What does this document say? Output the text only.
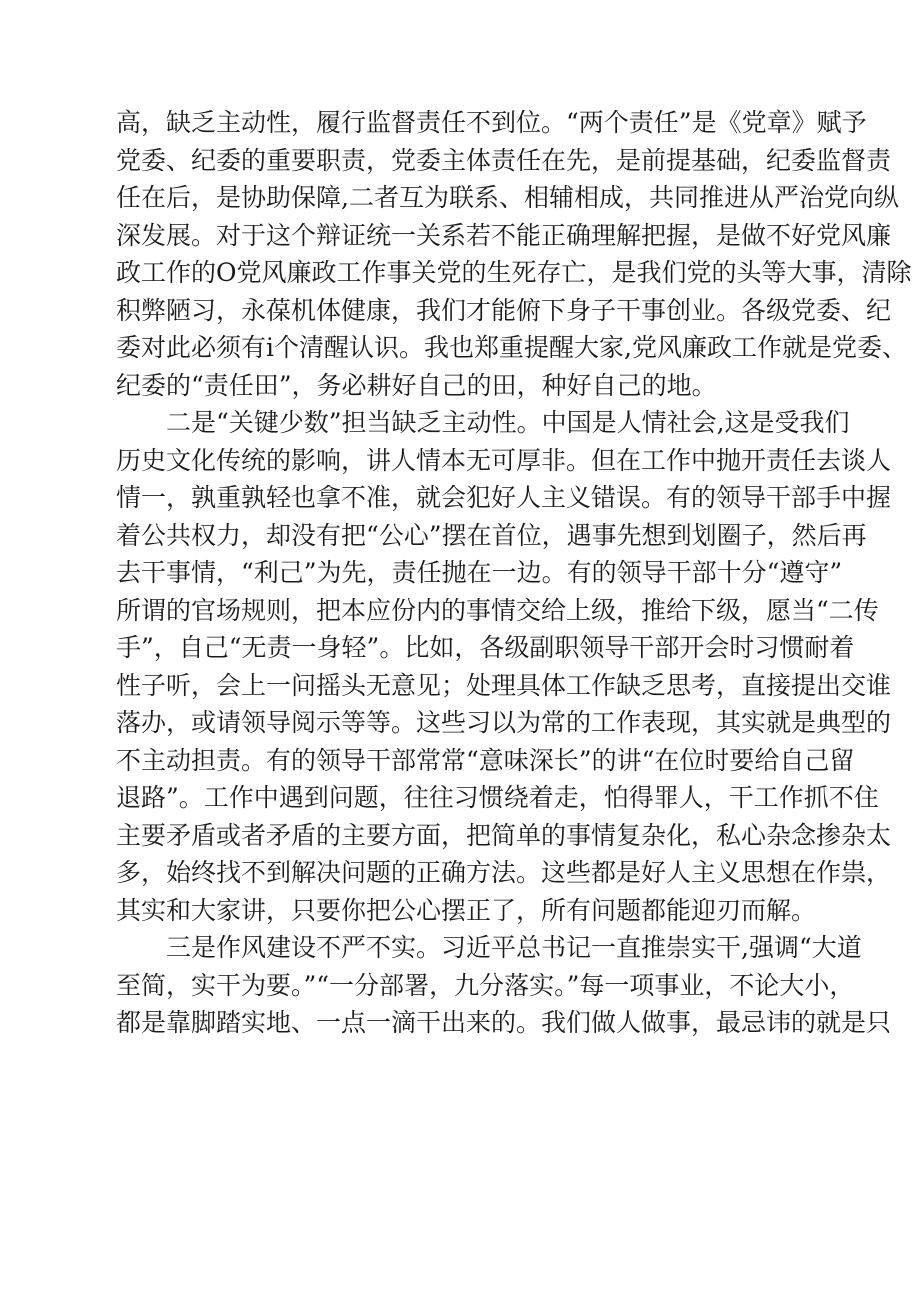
高，缺乏主动性，履行监督责任不到位。“两个责任”是《党章》赋予
党委、纪委的重要职责，党委主体责任在先，是前提基础，纪委监督责
任在后，是协助保障,二者互为联系、相辅相成，共同推进从严治党向纵
深发展。对于这个辩证统一关系若不能正确理解把握，是做不好党风廉
政工作的O党风廉政工作事关党的生死存亡，是我们党的头等大事，清除
积弊陋习，永葆机体健康，我们才能俯下身子干事创业。各级党委、纪
委对此必须有i个清醒认识。我也郑重提醒大家,党风廉政工作就是党委、
纪委的“责任田”，务必耕好自己的田，种好自己的地。
二是“关键少数”担当缺乏主动性。中国是人情社会,这是受我们
历史文化传统的影响，讲人情本无可厚非。但在工作中抛开责任去谈人
情一，孰重孰轻也拿不准，就会犯好人主义错误。有的领导干部手中握
着公共权力，却没有把“公心”摆在首位，遇事先想到划圈子，然后再
去干事情，“利己”为先，责任抛在一边。有的领导干部十分“遵守”
所谓的官场规则，把本应份内的事情交给上级，推给下级，愿当“二传
手”，自己“无责一身轻”。比如，各级副职领导干部开会时习惯耐着
性子听，会上一问摇头无意见；处理具体工作缺乏思考，直接提出交谁
落办，或请领导阅示等等。这些习以为常的工作表现，其实就是典型的
不主动担责。有的领导干部常常“意味深长”的讲“在位时要给自己留
退路”。工作中遇到问题，往往习惯绕着走，怕得罪人，干工作抓不住
主要矛盾或者矛盾的主要方面，把简单的事情复杂化，私心杂念掺杂太
多，始终找不到解决问题的正确方法。这些都是好人主义思想在作祟，
其实和大家讲，只要你把公心摆正了，所有问题都能迎刃而解。
三是作风建设不严不实。习近平总书记一直推崇实干,强调“大道
至简，实干为要。”“一分部署，九分落实。”每一项事业，不论大小，
都是靠脚踏实地、一点一滴干出来的。我们做人做事，最忌讳的就是只
